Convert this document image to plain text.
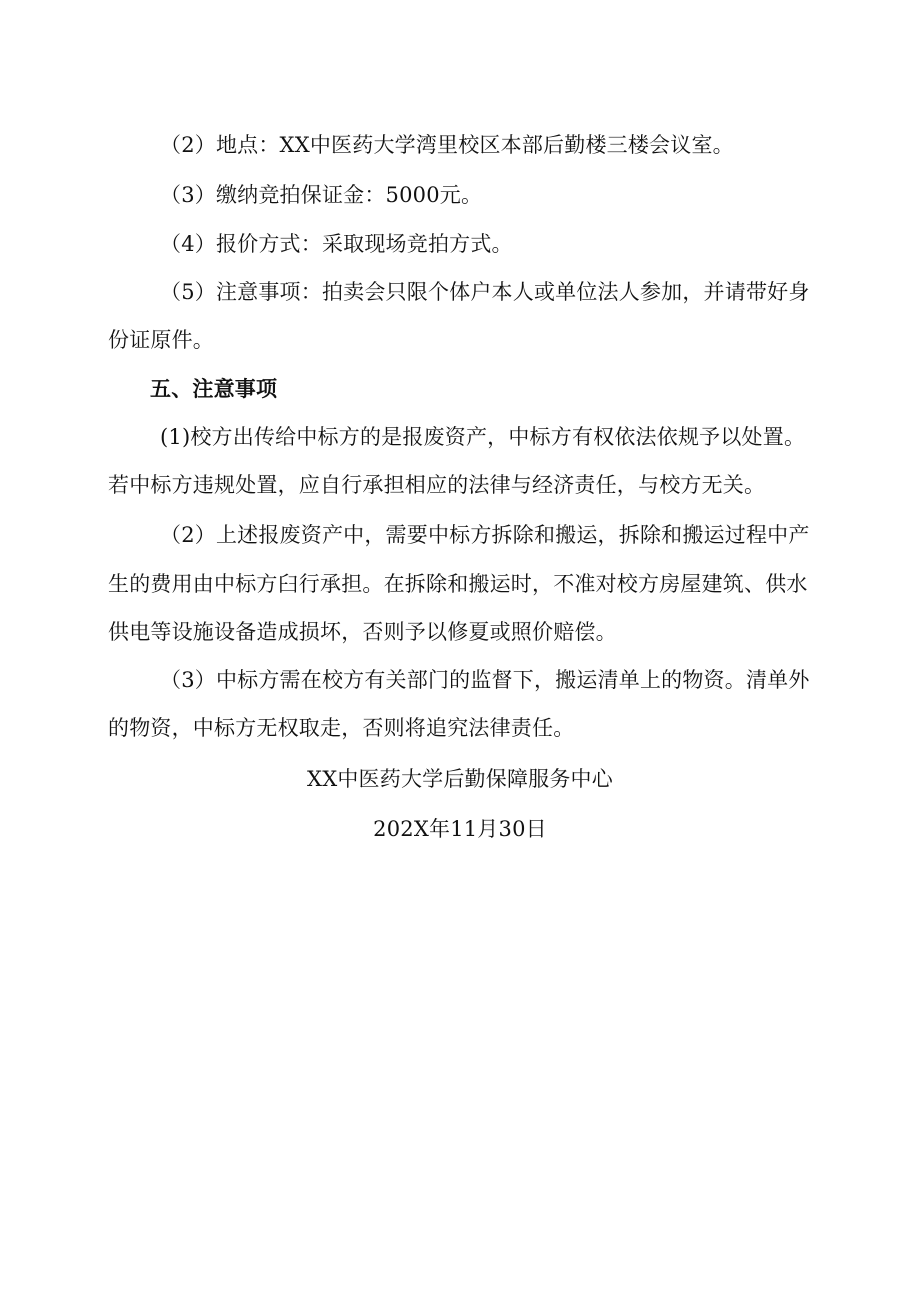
（2）地点：XX中医药大学湾里校区本部后勤楼三楼会议室。
（3）缴纳竞拍保证金：5000元。
（4）报价方式：采取现场竞拍方式。
（5）注意事项：拍卖会只限个体户本人或单位法人参加，并请带好身
份证原件。
五、注意事项
(1)校方出传给中标方的是报废资产，中标方有权依法依规予以处置。
若中标方违规处置，应自行承担相应的法律与经济责任，与校方无关。
（2）上述报废资产中，需要中标方拆除和搬运，拆除和搬运过程中产
生的费用由中标方臼行承担。在拆除和搬运时，不准对校方房屋建筑、供水
供电等设施设备造成损坏，否则予以修夏或照价赔偿。
（3）中标方需在校方有关部门的监督下，搬运清单上的物资。清单外
的物资，中标方无权取走，否则将追究法律责任。
XX中医药大学后勤保障服务中心
202X年11月30日
